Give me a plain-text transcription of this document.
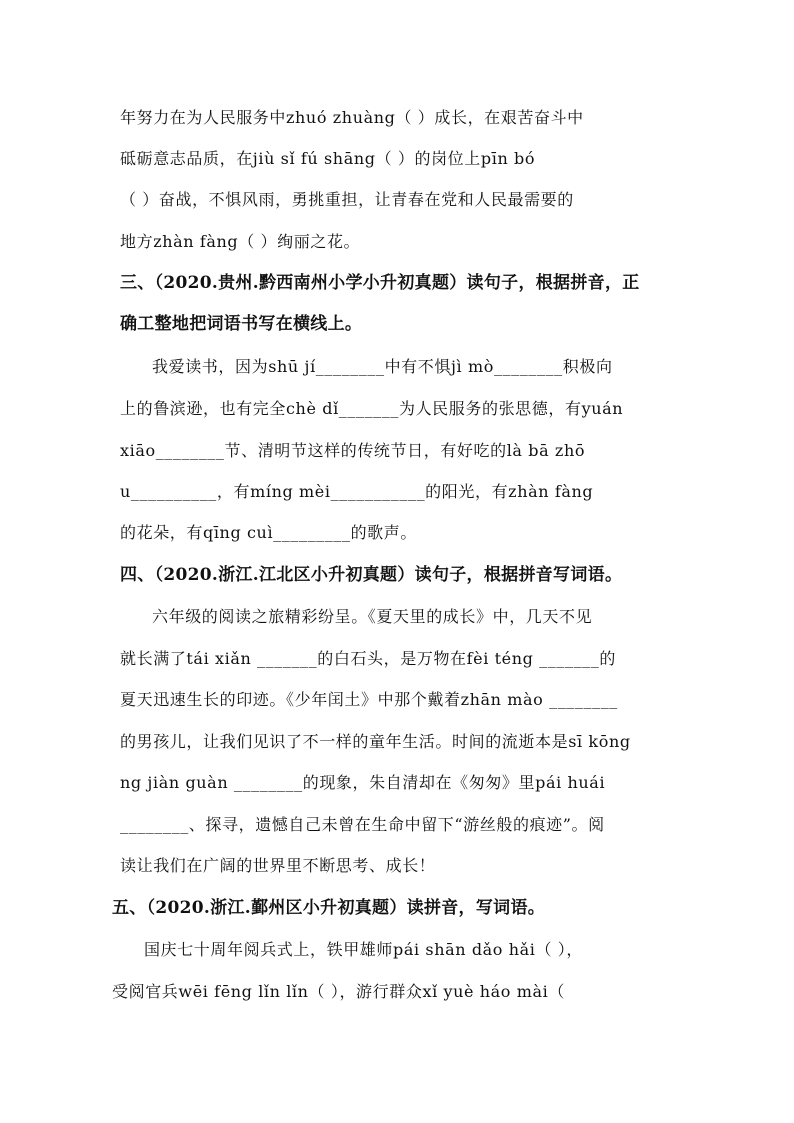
年努力在为人民服务中zhuó zhuàng（ ）成长，在艰苦奋斗中
砥砺意志品质，在jiù sǐ fú shāng（ ）的岗位上pīn bó
（ ）奋战，不惧风雨，勇挑重担，让青春在党和人民最需要的
地方zhàn fàng（ ）绚丽之花。
三、（2020.贵州.黔西南州小学小升初真题）读句子，根据拼音，正
确工整地把词语书写在横线上。
我爱读书，因为shū jí________中有不惧jì mò________积极向
上的鲁滨逊，也有完全chè dǐ_______为人民服务的张思德，有yuán
xiāo________节、清明节这样的传统节日，有好吃的là bā zhō
u__________，有míng mèi___________的阳光，有zhàn fàng
的花朵，有qīng cuì_________的歌声。
四、（2020.浙江.江北区小升初真题）读句子，根据拼音写词语。
六年级的阅读之旅精彩纷呈。《夏天里的成长》中，几天不见
就长满了tái xiǎn _______的白石头，是万物在fèi téng _______的
夏天迅速生长的印迹。《少年闰土》中那个戴着zhān mào ________
的男孩儿，让我们见识了不一样的童年生活。时间的流逝本是sī kōng
ng jiàn guàn ________的现象，朱自清却在《匆匆》里pái huái
________、探寻，遗憾自己未曾在生命中留下“游丝般的痕迹”。阅
读让我们在广阔的世界里不断思考、成长！
五、（2020.浙江.鄞州区小升初真题）读拼音，写词语。
国庆七十周年阅兵式上，铁甲雄师pái shān dǎo hǎi（ ），
受阅官兵wēi fēng lǐn lǐn（ ），游行群众xǐ yuè háo mài（
